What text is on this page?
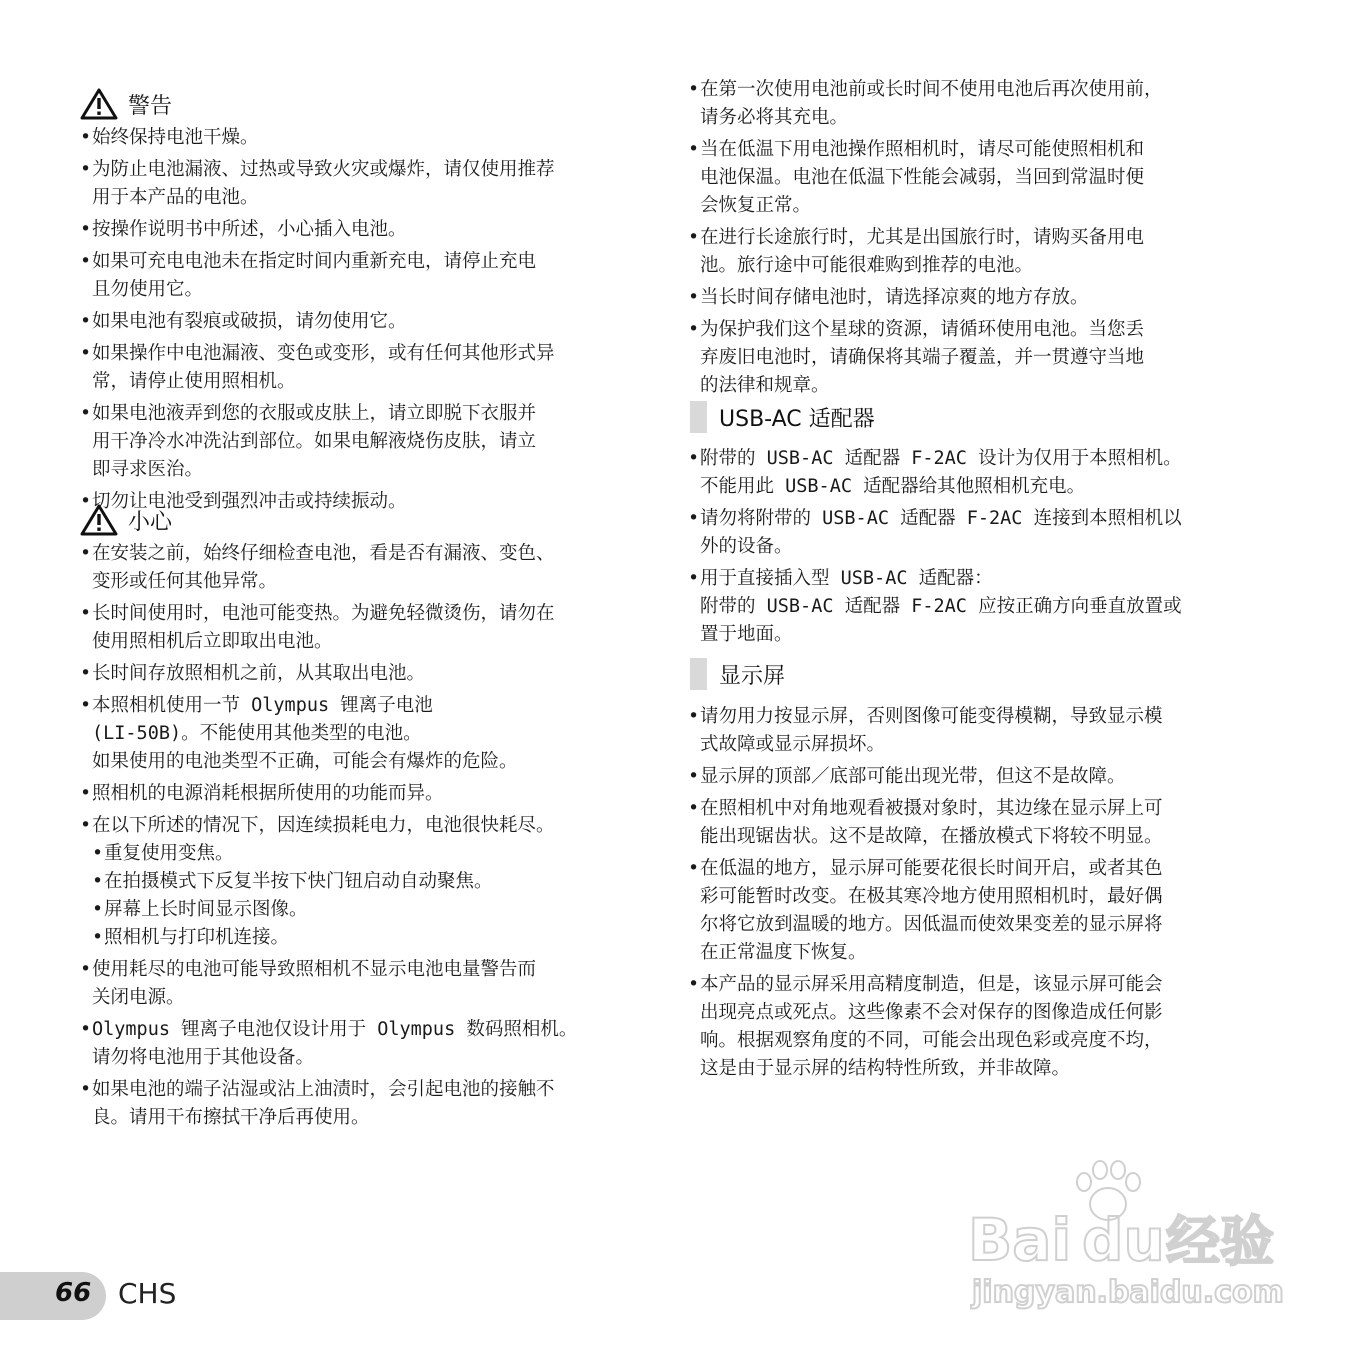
警告
• 始终保持电池干燥。
• 为防止电池漏液、过热或导致火灾或爆炸，请仅使用推荐
用于本产品的电池。
• 按操作说明书中所述，小心插入电池。
• 如果可充电电池未在指定时间内重新充电，请停止充电
且勿使用它。
• 如果电池有裂痕或破损，请勿使用它。
• 如果操作中电池漏液、变色或变形，或有任何其他形式异
常，请停止使用照相机。
• 如果电池液弄到您的衣服或皮肤上，请立即脱下衣服并
用干净冷水冲洗沾到部位。如果电解液烧伤皮肤，请立
即寻求医治。
• 切勿让电池受到强烈冲击或持续振动。
小心
• 在安装之前，始终仔细检查电池，看是否有漏液、变色、
变形或任何其他异常。
• 长时间使用时，电池可能变热。为避免轻微烫伤，请勿在
使用照相机后立即取出电池。
• 长时间存放照相机之前，从其取出电池。
• 本照相机使用一节 Olympus 锂离子电池
(LI-50B)。不能使用其他类型的电池。
如果使用的电池类型不正确，可能会有爆炸的危险。
• 照相机的电源消耗根据所使用的功能而异。
• 在以下所述的情况下，因连续损耗电力，电池很快耗尽。
• 重复使用变焦。
• 在拍摄模式下反复半按下快门钮启动自动聚焦。
• 屏幕上长时间显示图像。
• 照相机与打印机连接。
• 使用耗尽的电池可能导致照相机不显示电池电量警告而
关闭电源。
• Olympus 锂离子电池仅设计用于 Olympus 数码照相机。
请勿将电池用于其他设备。
• 如果电池的端子沾湿或沾上油渍时，会引起电池的接触不
良。请用干布擦拭干净后再使用。
• 在第一次使用电池前或长时间不使用电池后再次使用前，
请务必将其充电。
• 当在低温下用电池操作照相机时，请尽可能使照相机和
电池保温。电池在低温下性能会减弱，当回到常温时便
会恢复正常。
• 在进行长途旅行时，尤其是出国旅行时，请购买备用电
池。旅行途中可能很难购到推荐的电池。
• 当长时间存储电池时，请选择凉爽的地方存放。
• 为保护我们这个星球的资源，请循环使用电池。当您丢
弃废旧电池时，请确保将其端子覆盖，并一贯遵守当地
的法律和规章。
USB-AC 适配器
• 附带的 USB-AC 适配器 F-2AC 设计为仅用于本照相机。
不能用此 USB-AC 适配器给其他照相机充电。
• 请勿将附带的 USB-AC 适配器 F-2AC 连接到本照相机以
外的设备。
• 用于直接插入型 USB-AC 适配器：
附带的 USB-AC 适配器 F-2AC 应按正确方向垂直放置或
置于地面。
显示屏
• 请勿用力按显示屏，否则图像可能变得模糊，导致显示模
式故障或显示屏损坏。
• 显示屏的顶部／底部可能出现光带，但这不是故障。
• 在照相机中对角地观看被摄对象时，其边缘在显示屏上可
能出现锯齿状。这不是故障，在播放模式下将较不明显。
• 在低温的地方，显示屏可能要花很长时间开启，或者其色
彩可能暂时改变。在极其寒冷地方使用照相机时，最好偶
尔将它放到温暖的地方。因低温而使效果变差的显示屏将
在正常温度下恢复。
• 本产品的显示屏采用高精度制造，但是，该显示屏可能会
出现亮点或死点。这些像素不会对保存的图像造成任何影
响。根据观察角度的不同，可能会出现色彩或亮度不均，
这是由于显示屏的结构特性所致，并非故障。
66 CHS
Bai du 经验
jingyan.baidu.com
